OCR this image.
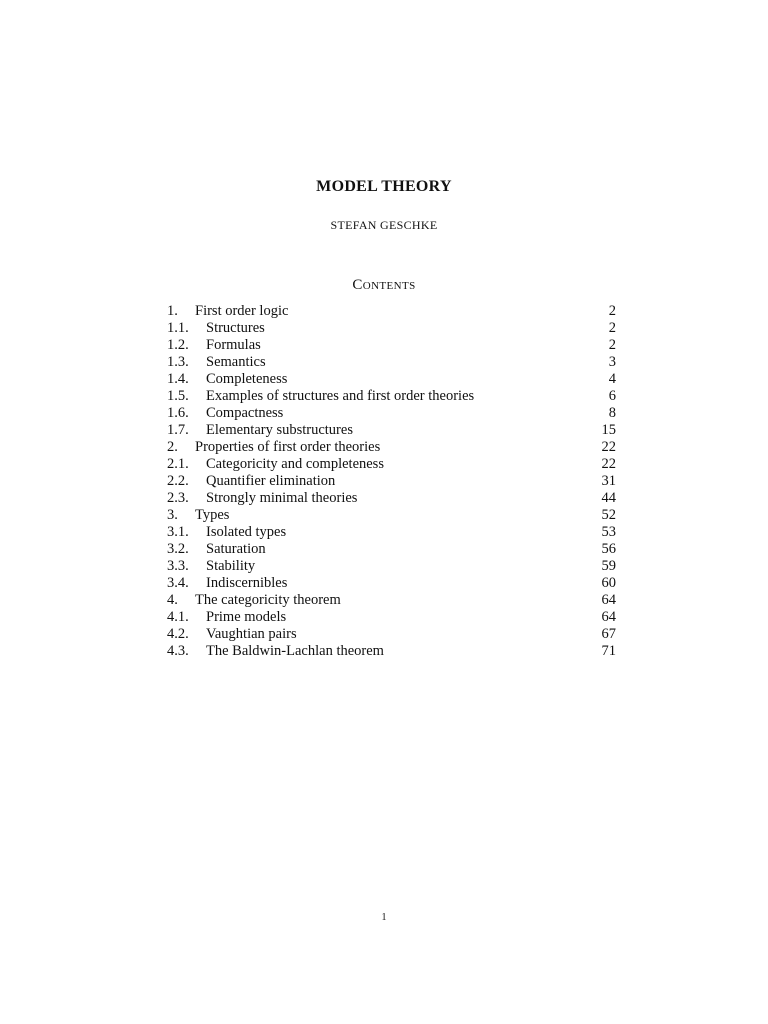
MODEL THEORY
STEFAN GESCHKE
Contents
1.	First order logic	2
1.1.	Structures	2
1.2.	Formulas	2
1.3.	Semantics	3
1.4.	Completeness	4
1.5.	Examples of structures and first order theories	6
1.6.	Compactness	8
1.7.	Elementary substructures	15
2.	Properties of first order theories	22
2.1.	Categoricity and completeness	22
2.2.	Quantifier elimination	31
2.3.	Strongly minimal theories	44
3.	Types	52
3.1.	Isolated types	53
3.2.	Saturation	56
3.3.	Stability	59
3.4.	Indiscernibles	60
4.	The categoricity theorem	64
4.1.	Prime models	64
4.2.	Vaughtian pairs	67
4.3.	The Baldwin-Lachlan theorem	71
1
